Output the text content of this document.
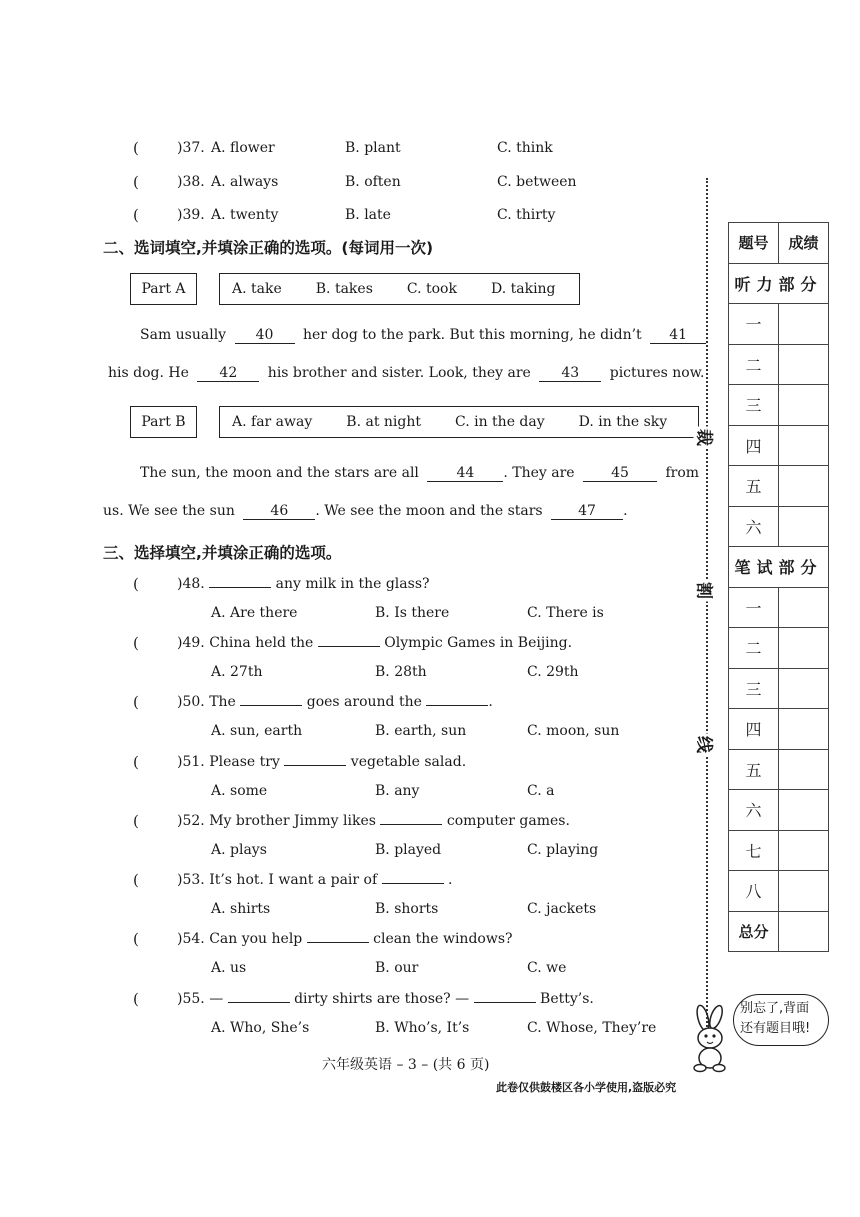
(	)37. A. flower	B. plant	C. think
(	)38. A. always	B. often	C. between
(	)39. A. twenty	B. late	C. thirty
二、选词填空,并填涂正确的选项。(每词用一次)
Part A	A. take B. takes C. took D. taking
Sam usually 40 her dog to the park. But this morning, he didn’t 41
his dog. He 42 his brother and sister. Look, they are 43 pictures now.
Part B	A. far away B. at night C. in the day D. in the sky
The sun, the moon and the stars are all	44 . They are	45	from
us. We see the sun	46 . We see the moon and the stars	47 .
三、选择填空,并填涂正确的选项。
(	)48.	any milk in the glass?
A. Are there	B. Is there	C. There is
(	)49. China held the	Olympic Games in Beijing.
A. 27th	B. 28th	C. 29th
(	)50. The	goes around the	.
A. sun, earth	B. earth, sun	C. moon, sun
(	)51. Please try	vegetable salad.
A. some	B. any	C. a
(	)52. My brother Jimmy likes	computer games.
A. plays	B. played	C. playing
(	)53. It’s hot. I want a pair of	.
A. shirts	B. shorts	C. jackets
(	)54. Can you help	clean the windows?
A. us	B. our	C. we
(	)55. —	dirty shirts are those? —	Betty’s.
A. Who, She’s	B. Who’s, It’s	C. Whose, They’re
裁
割
线
题号	成绩
听力部分	
一	
二	
三	
四	
五	
六	
笔试部分	
一	
二	
三	
四	
五	
六	
七	
八	
总分	
别忘了,背面
还有题目哦!
六年级英语 – 3 – (共 6 页)
此卷仅供鼓楼区各小学使用,盗版必究
